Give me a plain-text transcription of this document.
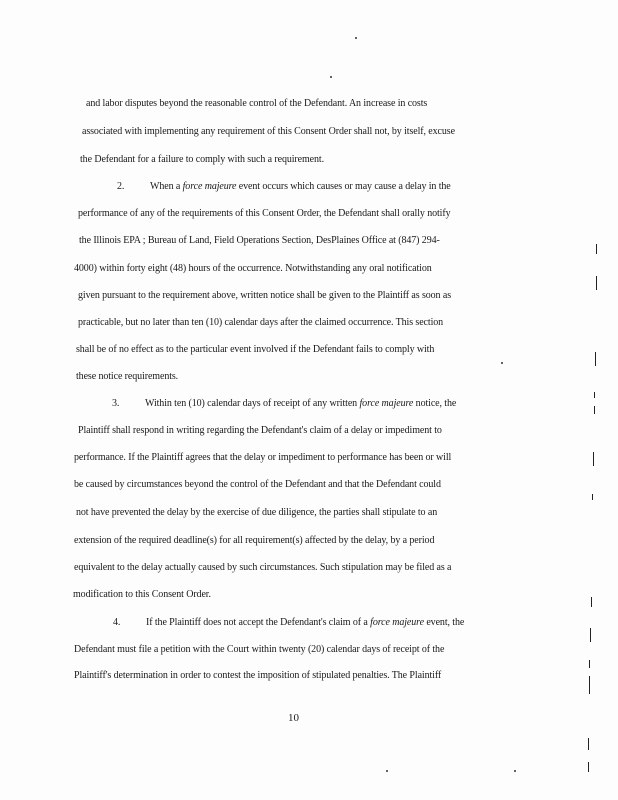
and labor disputes beyond the reasonable control of the Defendant. An increase in costs
associated with implementing any requirement of this Consent Order shall not, by itself, excuse
the Defendant for a failure to comply with such a requirement.
2.	When a force majeure event occurs which causes or may cause a delay in the
performance of any of the requirements of this Consent Order, the Defendant shall orally notify
the Illinois EPA ; Bureau of Land, Field Operations Section, DesPlaines Office at (847) 294-
4000) within forty eight (48) hours of the occurrence. Notwithstanding any oral notification
given pursuant to the requirement above, written notice shall be given to the Plaintiff as soon as
practicable, but no later than ten (10) calendar days after the claimed occurrence. This section
shall be of no effect as to the particular event involved if the Defendant fails to comply with
these notice requirements.
3.	Within ten (10) calendar days of receipt of any written force majeure notice, the
Plaintiff shall respond in writing regarding the Defendant's claim of a delay or impediment to
performance. If the Plaintiff agrees that the delay or impediment to performance has been or will
be caused by circumstances beyond the control of the Defendant and that the Defendant could
not have prevented the delay by the exercise of due diligence, the parties shall stipulate to an
extension of the required deadline(s) for all requirement(s) affected by the delay, by a period
equivalent to the delay actually caused by such circumstances. Such stipulation may be filed as a
modification to this Consent Order.
4.	If the Plaintiff does not accept the Defendant's claim of a force majeure event, the
Defendant must file a petition with the Court within twenty (20) calendar days of receipt of the
Plaintiff's determination in order to contest the imposition of stipulated penalties. The Plaintiff
10
